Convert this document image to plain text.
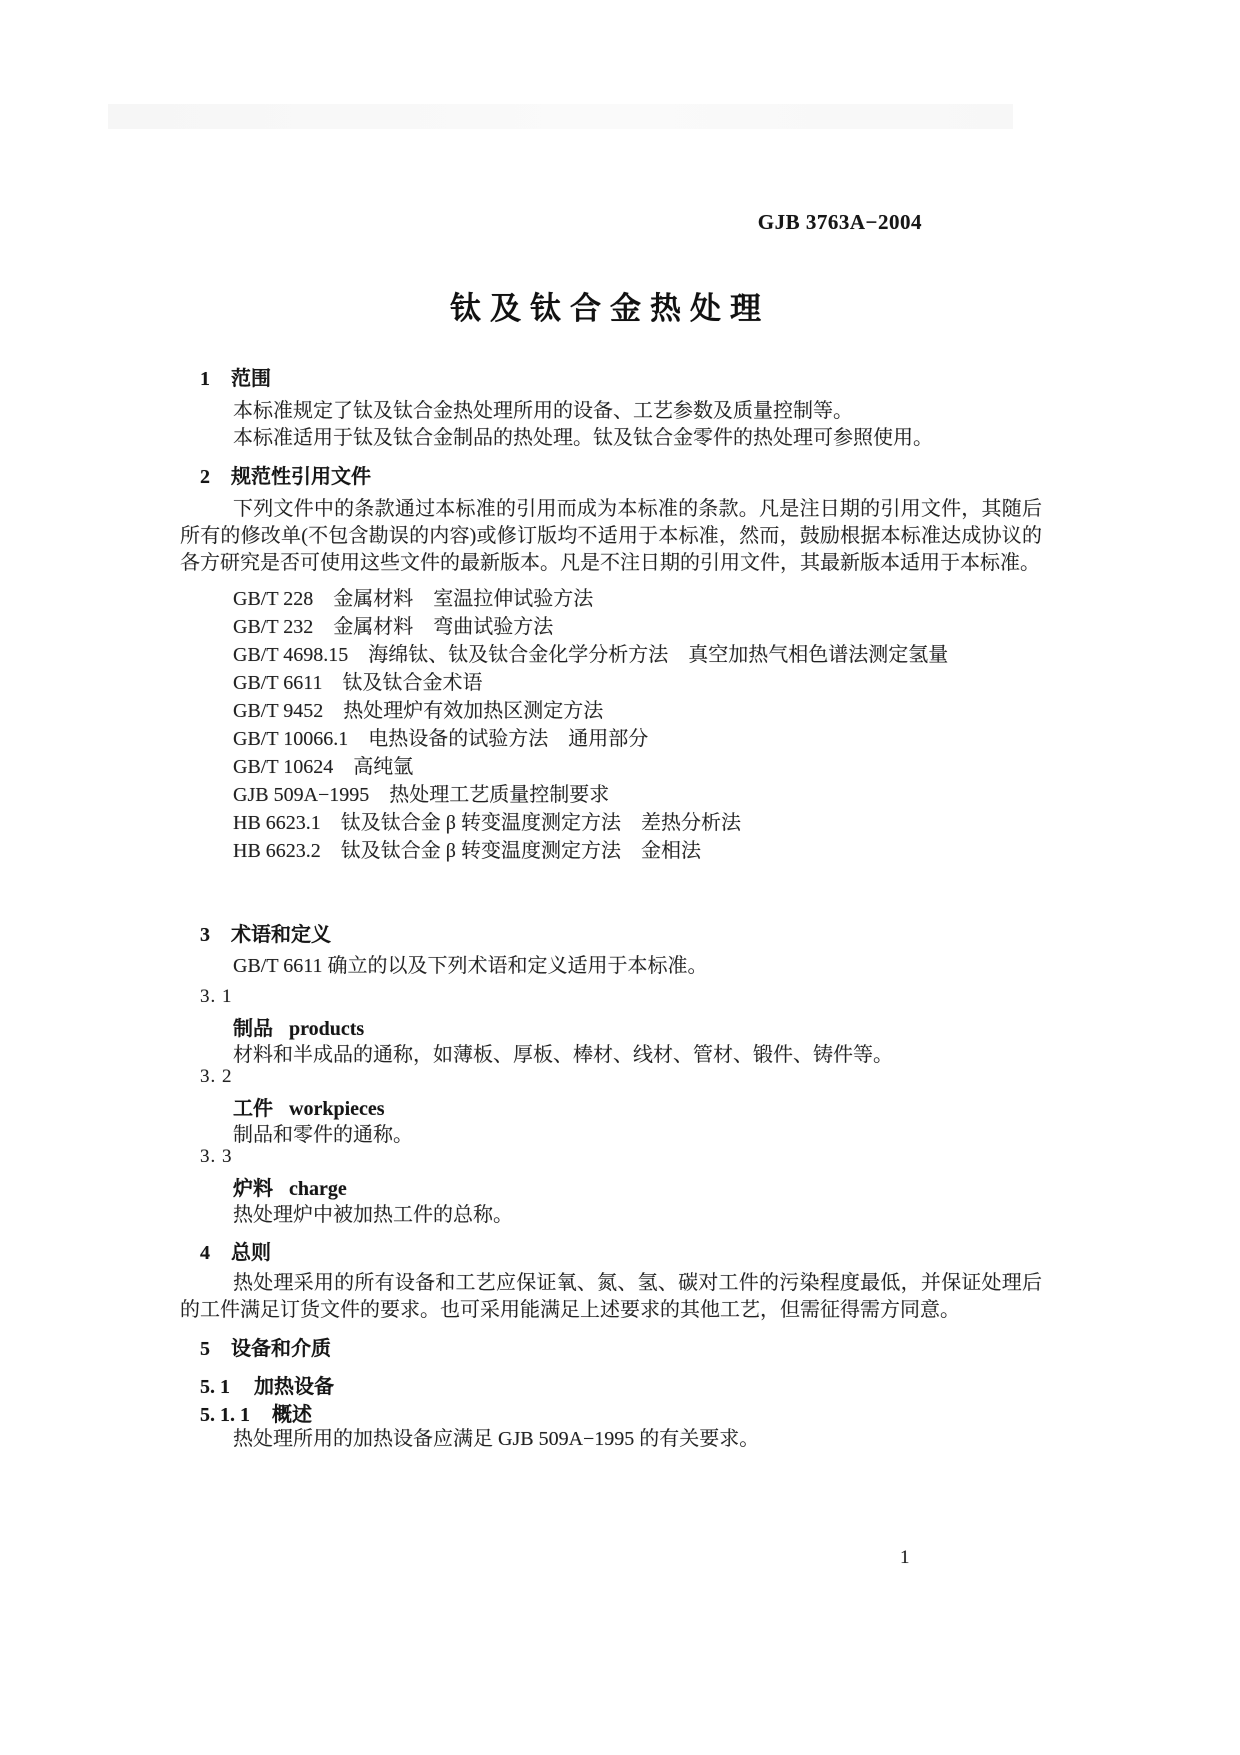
GJB 3763A−2004
钛及钛合金热处理
1 范围
本标准规定了钛及钛合金热处理所用的设备、工艺参数及质量控制等。
本标准适用于钛及钛合金制品的热处理。钛及钛合金零件的热处理可参照使用。
2 规范性引用文件
下列文件中的条款通过本标准的引用而成为本标准的条款。凡是注日期的引用文件，其随后所有的修改单(不包含勘误的内容)或修订版均不适用于本标准，然而，鼓励根据本标准达成协议的各方研究是否可使用这些文件的最新版本。凡是不注日期的引用文件，其最新版本适用于本标准。
GB/T 228　金属材料　室温拉伸试验方法
GB/T 232　金属材料　弯曲试验方法
GB/T 4698.15　海绵钛、钛及钛合金化学分析方法　真空加热气相色谱法测定氢量
GB/T 6611　钛及钛合金术语
GB/T 9452　热处理炉有效加热区测定方法
GB/T 10066.1　电热设备的试验方法　通用部分
GB/T 10624　高纯氩
GJB 509A−1995　热处理工艺质量控制要求
HB 6623.1　钛及钛合金 β 转变温度测定方法　差热分析法
HB 6623.2　钛及钛合金 β 转变温度测定方法　金相法
3 术语和定义
GB/T 6611 确立的以及下列术语和定义适用于本标准。
3. 1
制品 products
材料和半成品的通称，如薄板、厚板、棒材、线材、管材、锻件、铸件等。
3. 2
工件 workpieces
制品和零件的通称。
3. 3
炉料 charge
热处理炉中被加热工件的总称。
4 总则
热处理采用的所有设备和工艺应保证氧、氮、氢、碳对工件的污染程度最低，并保证处理后的工件满足订货文件的要求。也可采用能满足上述要求的其他工艺，但需征得需方同意。
5 设备和介质
5. 1 加热设备
5. 1. 1 概述
热处理所用的加热设备应满足 GJB 509A−1995 的有关要求。
1
